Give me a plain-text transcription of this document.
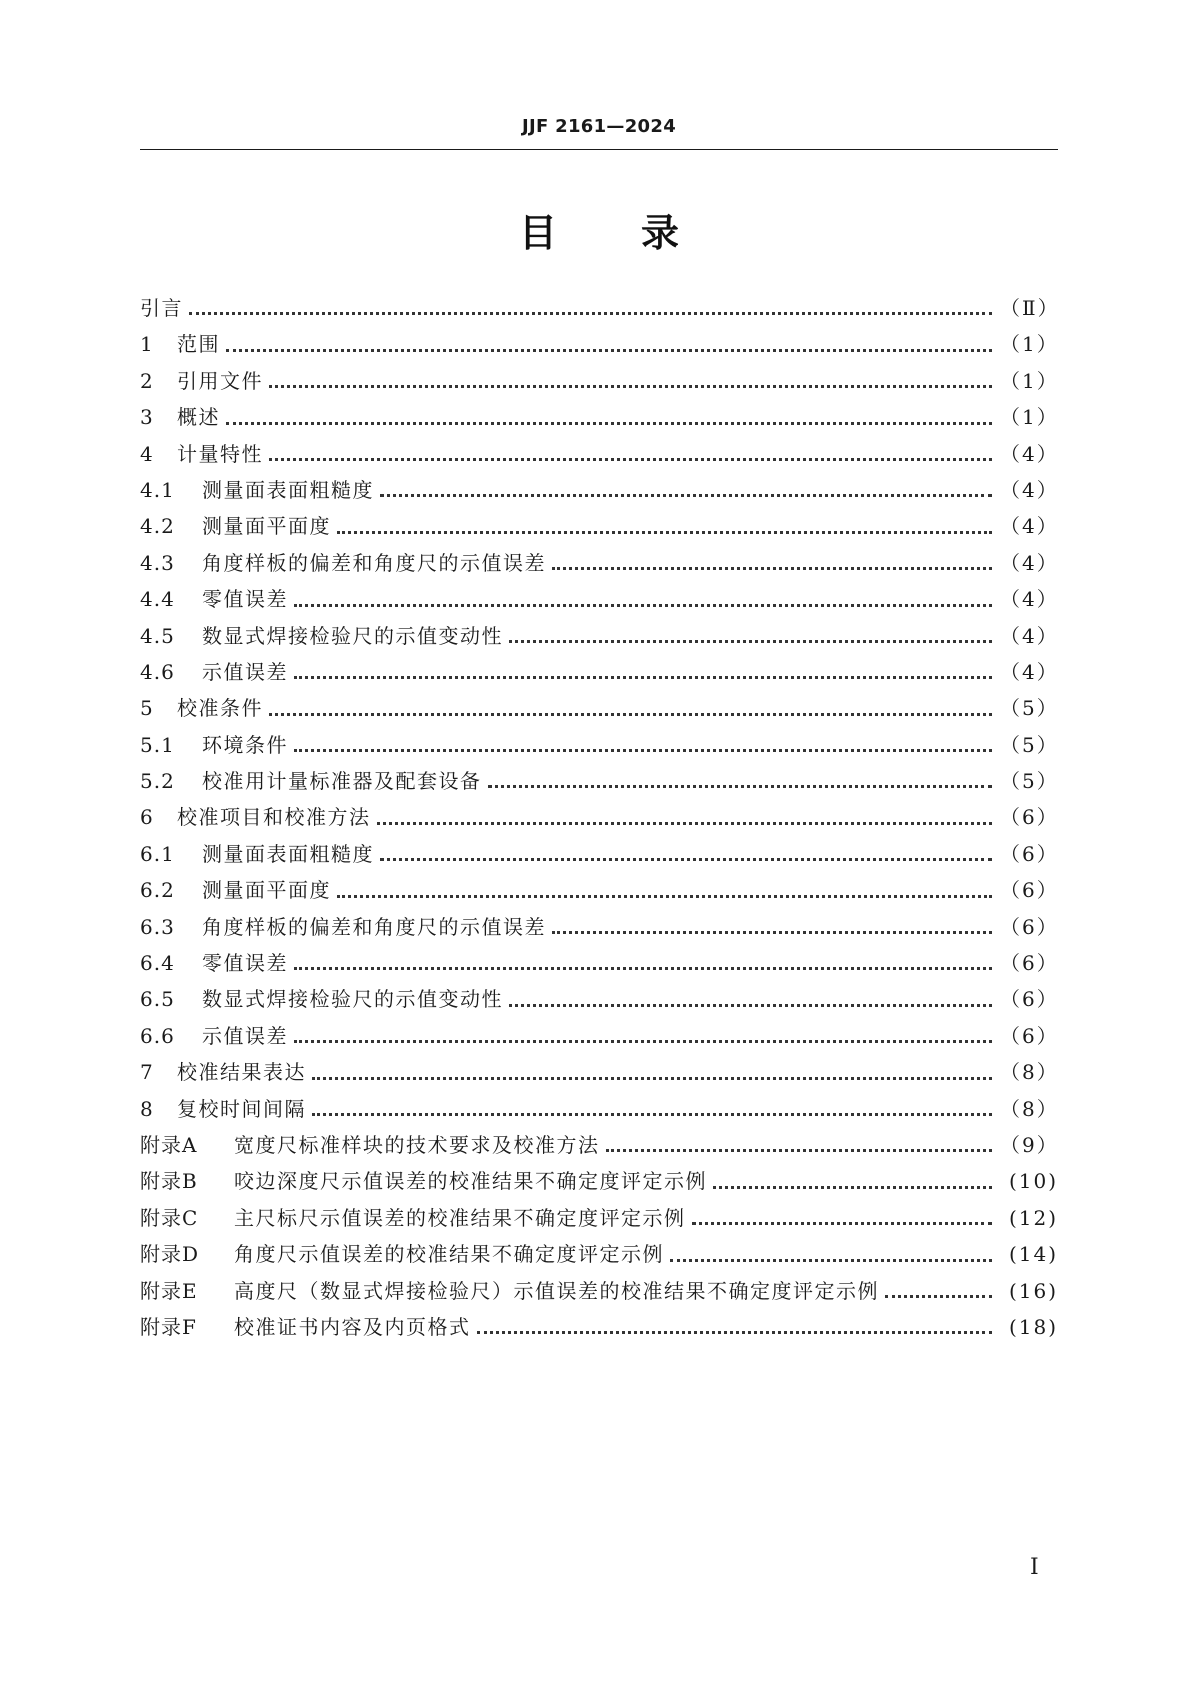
JJF 2161—2024
目录
引言	（Ⅱ）
1	范围	（1）
2	引用文件	（1）
3	概述	（1）
4	计量特性	（4）
4.1	测量面表面粗糙度	（4）
4.2	测量面平面度	（4）
4.3	角度样板的偏差和角度尺的示值误差	（4）
4.4	零值误差	（4）
4.5	数显式焊接检验尺的示值变动性	（4）
4.6	示值误差	（4）
5	校准条件	（5）
5.1	环境条件	（5）
5.2	校准用计量标准器及配套设备	（5）
6	校准项目和校准方法	（6）
6.1	测量面表面粗糙度	（6）
6.2	测量面平面度	（6）
6.3	角度样板的偏差和角度尺的示值误差	（6）
6.4	零值误差	（6）
6.5	数显式焊接检验尺的示值变动性	（6）
6.6	示值误差	（6）
7	校准结果表达	（8）
8	复校时间间隔	（8）
附录A	宽度尺标准样块的技术要求及校准方法	（9）
附录B	咬边深度尺示值误差的校准结果不确定度评定示例	(10)
附录C	主尺标尺示值误差的校准结果不确定度评定示例	(12)
附录D	角度尺示值误差的校准结果不确定度评定示例	(14)
附录E	高度尺（数显式焊接检验尺）示值误差的校准结果不确定度评定示例	(16)
附录F	校准证书内容及内页格式	(18)
Ⅰ
